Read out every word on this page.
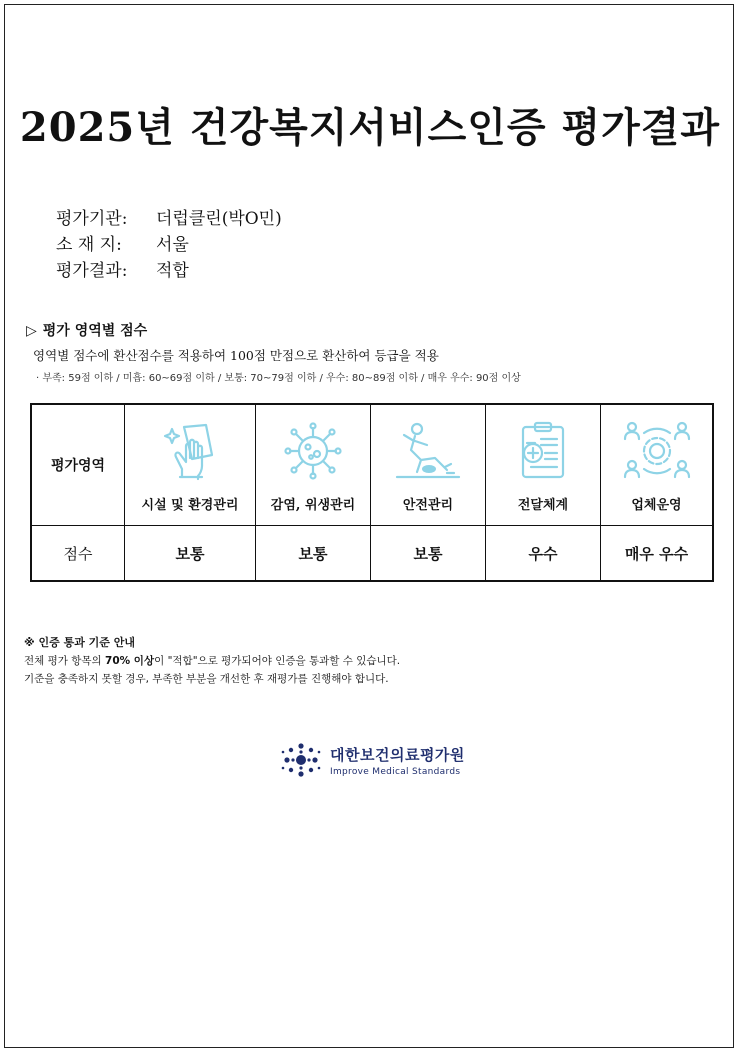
2025년 건강복지서비스인증 평가결과
평가기관:	더럽클린(박O민)
소 재 지:	서울
평가결과:	적합
▷ 평가 영역별 점수
영역별 점수에 환산점수를 적용하여 100점 만점으로 환산하여 등급을 적용
· 부족: 59점 이하 / 미흡: 60~69점 이하 / 보통: 70~79점 이하 / 우수: 80~89점 이하 / 매우 우수: 90점 이상
평가영역	시설 및 환경관리	감염, 위생관리	안전관리	전달체계	업체운영

점수	보통	보통	보통	우수	매우 우수
※ 인증 통과 기준 안내
전체 평가 항목의 70% 이상이 "적합"으로 평가되어야 인증을 통과할 수 있습니다.
기준을 충족하지 못할 경우, 부족한 부분을 개선한 후 재평가를 진행해야 합니다.
대한보건의료평가원
Improve Medical Standards
